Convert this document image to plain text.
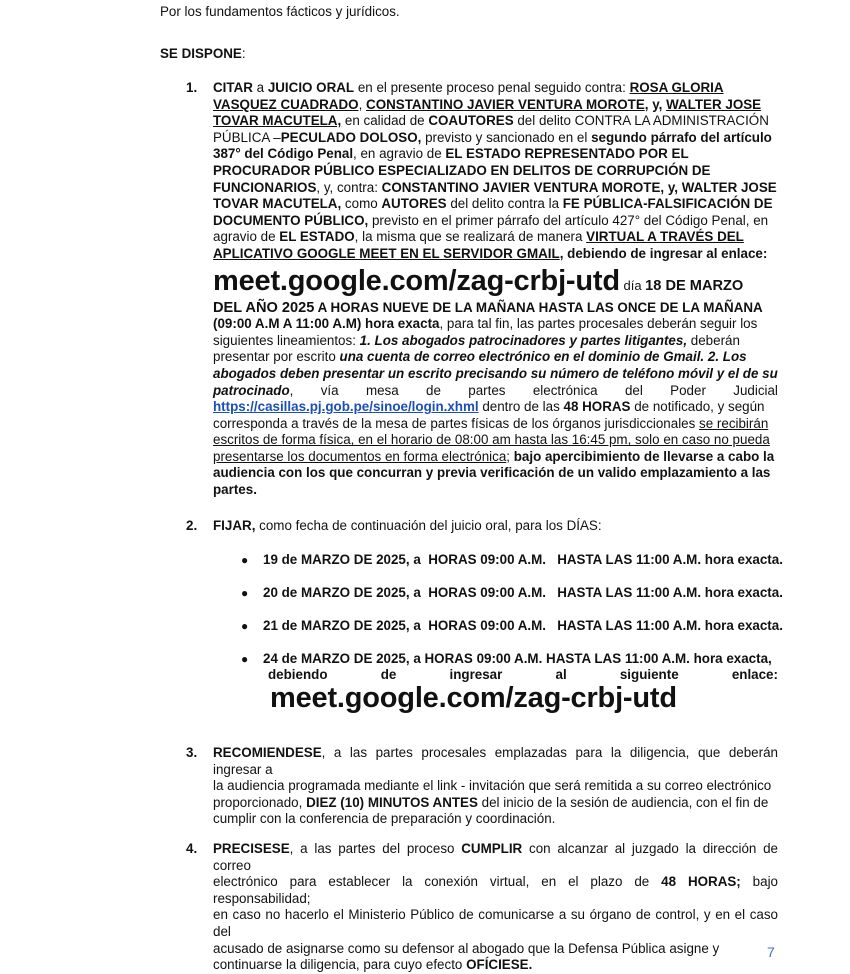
Por los fundamentos fácticos y jurídicos.
SE DISPONE:
1. CITAR a JUICIO ORAL en el presente proceso penal seguido contra: ROSA GLORIA
VASQUEZ CUADRADO, CONSTANTINO JAVIER VENTURA MOROTE, y, WALTER JOSE
TOVAR MACUTELA, en calidad de COAUTORES del delito CONTRA LA ADMINISTRACIÓN
PÚBLICA –PECULADO DOLOSO, previsto y sancionado en el segundo párrafo del artículo
387° del Código Penal, en agravio de EL ESTADO REPRESENTADO POR EL
PROCURADOR PÚBLICO ESPECIALIZADO EN DELITOS DE CORRUPCIÓN DE
FUNCIONARIOS, y, contra: CONSTANTINO JAVIER VENTURA MOROTE, y, WALTER JOSE
TOVAR MACUTELA, como AUTORES del delito contra la FE PÚBLICA-FALSIFICACIÓN DE
DOCUMENTO PÚBLICO, previsto en el primer párrafo del artículo 427° del Código Penal, en
agravio de EL ESTADO, la misma que se realizará de manera VIRTUAL A TRAVÉS DEL
APLICATIVO GOOGLE MEET EN EL SERVIDOR GMAIL, debiendo de ingresar al enlace:
meet.google.com/zag-crbj-utd día 18 DE MARZO
DEL AÑO 2025 A HORAS NUEVE DE LA MAÑANA HASTA LAS ONCE DE LA MAÑANA
(09:00 A.M A 11:00 A.M) hora exacta, para tal fin, las partes procesales deberán seguir los
siguientes lineamientos: 1. Los abogados patrocinadores y partes litigantes, deberán
presentar por escrito una cuenta de correo electrónico en el dominio de Gmail. 2. Los
abogados deben presentar un escrito precisando su número de teléfono móvil y el de su
patrocinado, vía mesa de partes electrónica del Poder Judicial
https://casillas.pj.gob.pe/sinoe/login.xhml dentro de las 48 HORAS de notificado, y según
corresponda a través de la mesa de partes físicas de los órganos jurisdiccionales se recibirán
escritos de forma física, en el horario de 08:00 am hasta las 16:45 pm, solo en caso no pueda
presentarse los documentos en forma electrónica; bajo apercibimiento de llevarse a cabo la
audiencia con los que concurran y previa verificación de un valido emplazamiento a las
partes.
2. FIJAR, como fecha de continuación del juicio oral, para los DÍAS:
● 19 de MARZO DE 2025, a  HORAS 09:00 A.M.   HASTA LAS 11:00 A.M. hora exacta.
● 20 de MARZO DE 2025, a  HORAS 09:00 A.M.   HASTA LAS 11:00 A.M. hora exacta.
● 21 de MARZO DE 2025, a  HORAS 09:00 A.M.   HASTA LAS 11:00 A.M. hora exacta.
● 24 de MARZO DE 2025, a HORAS 09:00 A.M. HASTA LAS 11:00 A.M. hora exacta,
debiendo	de	ingresar	al	siguiente	enlace:
meet.google.com/zag-crbj-utd
3. RECOMIENDESE, a las partes procesales emplazadas para la diligencia, que deberán ingresar a
la audiencia programada mediante el link - invitación que será remitida a su correo electrónico
proporcionado, DIEZ (10) MINUTOS ANTES del inicio de la sesión de audiencia, con el fin de
cumplir con la conferencia de preparación y coordinación.
4. PRECISESE, a las partes del proceso CUMPLIR con alcanzar al juzgado la dirección de correo
electrónico para establecer la conexión virtual, en el plazo de 48 HORAS; bajo responsabilidad;
en caso no hacerlo el Ministerio Público de comunicarse a su órgano de control, y en el caso del
acusado de asignarse como su defensor al abogado que la Defensa Pública asigne y
continuarse la diligencia, para cuyo efecto OFÍCIESE.
7
